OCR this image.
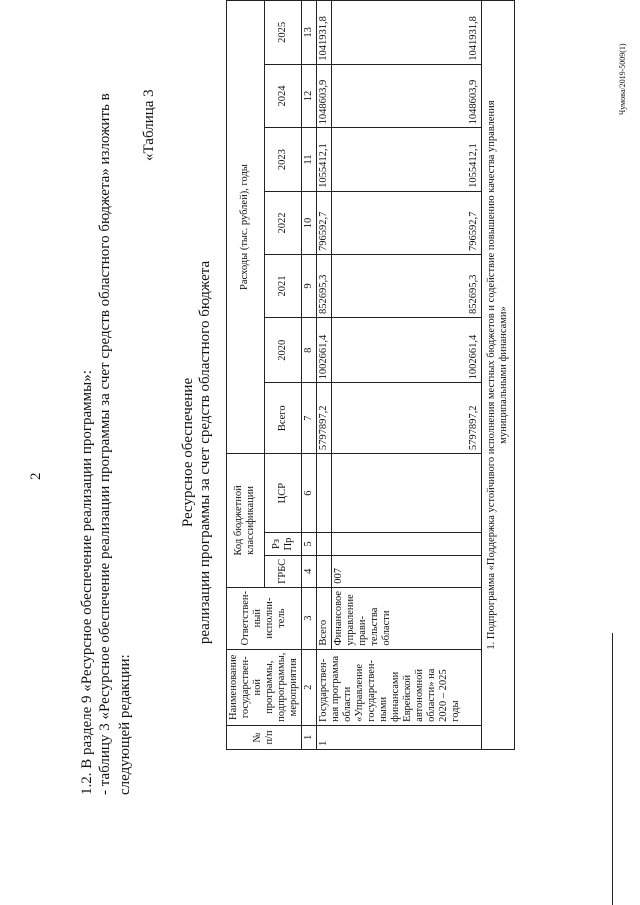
2 1.2. В разделе 9 «Ресурсное обеспечение реализации программы»: - таблицу 3 «Ресурсное обеспечение реализации программы за счет средств областного бюджета» изложить в следующей редакции:
«Таблица 3
Ресурсное обеспечение реализации программы за счет средств областного бюджета
№ п/п	Наименование государствен-ной программы, подпрограммы, мероприятия	Ответствен-ный исполни-тель	Код бюджетной классификации			Расходы (тыс. рублей), годы						
			ГРБС	Рз Пр	ЦСР	Всего	2020	2021	2022	2023	2024	2025
1	2	3	4	5	6	7	8	9	10	11	12	13
1	Государствен-ная программа области «Управление государствен-ными финансами Еврейской автономной области» на 2020 – 2025 годы	Всего				5797897,2	1002661,4	852695,3	796592,7	1055412,1	1048603,9	1041931,8
		Финансовое управление прави-тельства области	007			5797897,2	1002661,4	852695,3	796592,7	1055412,1	1048603,9	1041931,8
1. Подпрограмма «Поддержка устойчивого исполнения местных бюджетов и содействие повышению качества управления муниципальными финансами»												
Чумова/2019-5009(1)
